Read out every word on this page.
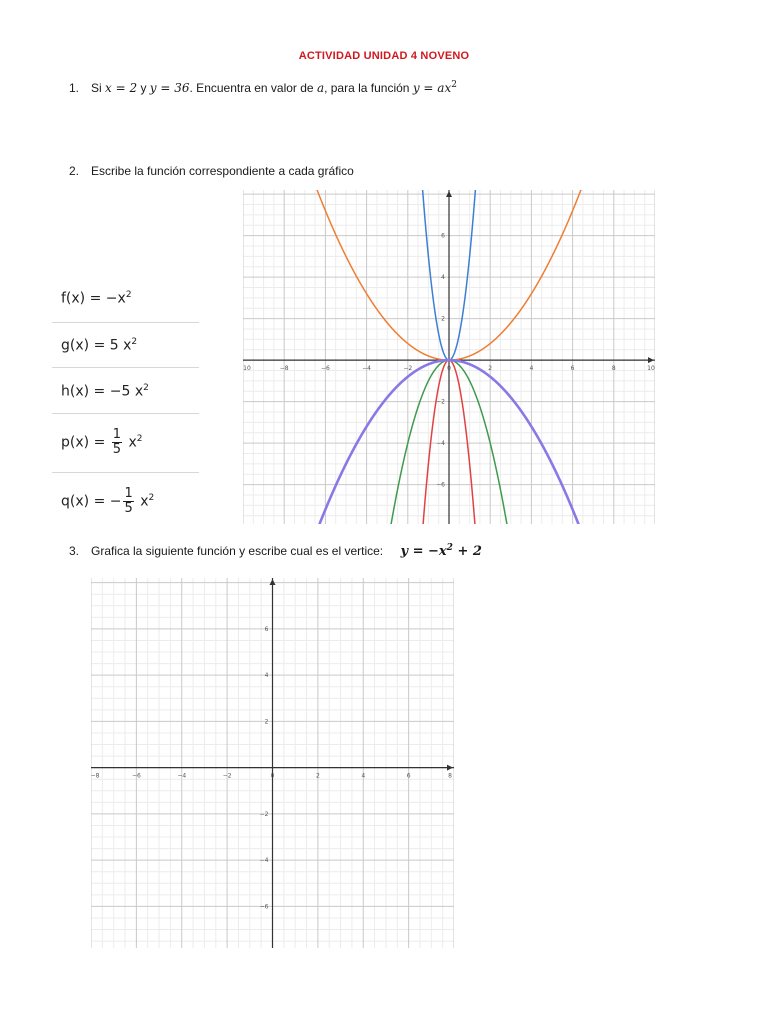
ACTIVIDAD UNIDAD 4 NOVENO
1. Si x = 2 y y = 36. Encuentra en valor de a, para la función $y = ax^2$
2. Escribe la función correspondiente a cada gráfico
$f(x) = -x^2$
g(x) = 5 $x^2$
h(x) = −5 $x^2$
$p(x) = \frac{1}{5} x^2$
q(x) = − $\frac{1}{5} x^2$
10	−8	−6	−4	−2	0	2	4	6	8	10
−6
−4
−2
2
4
6
3. Grafica la siguiente función y escribe cual es el vertice: $y = -x^2 + 2$
−8	−6	−4	−2	0	2	4	6	8
−6
−4
−2
2
4
6
